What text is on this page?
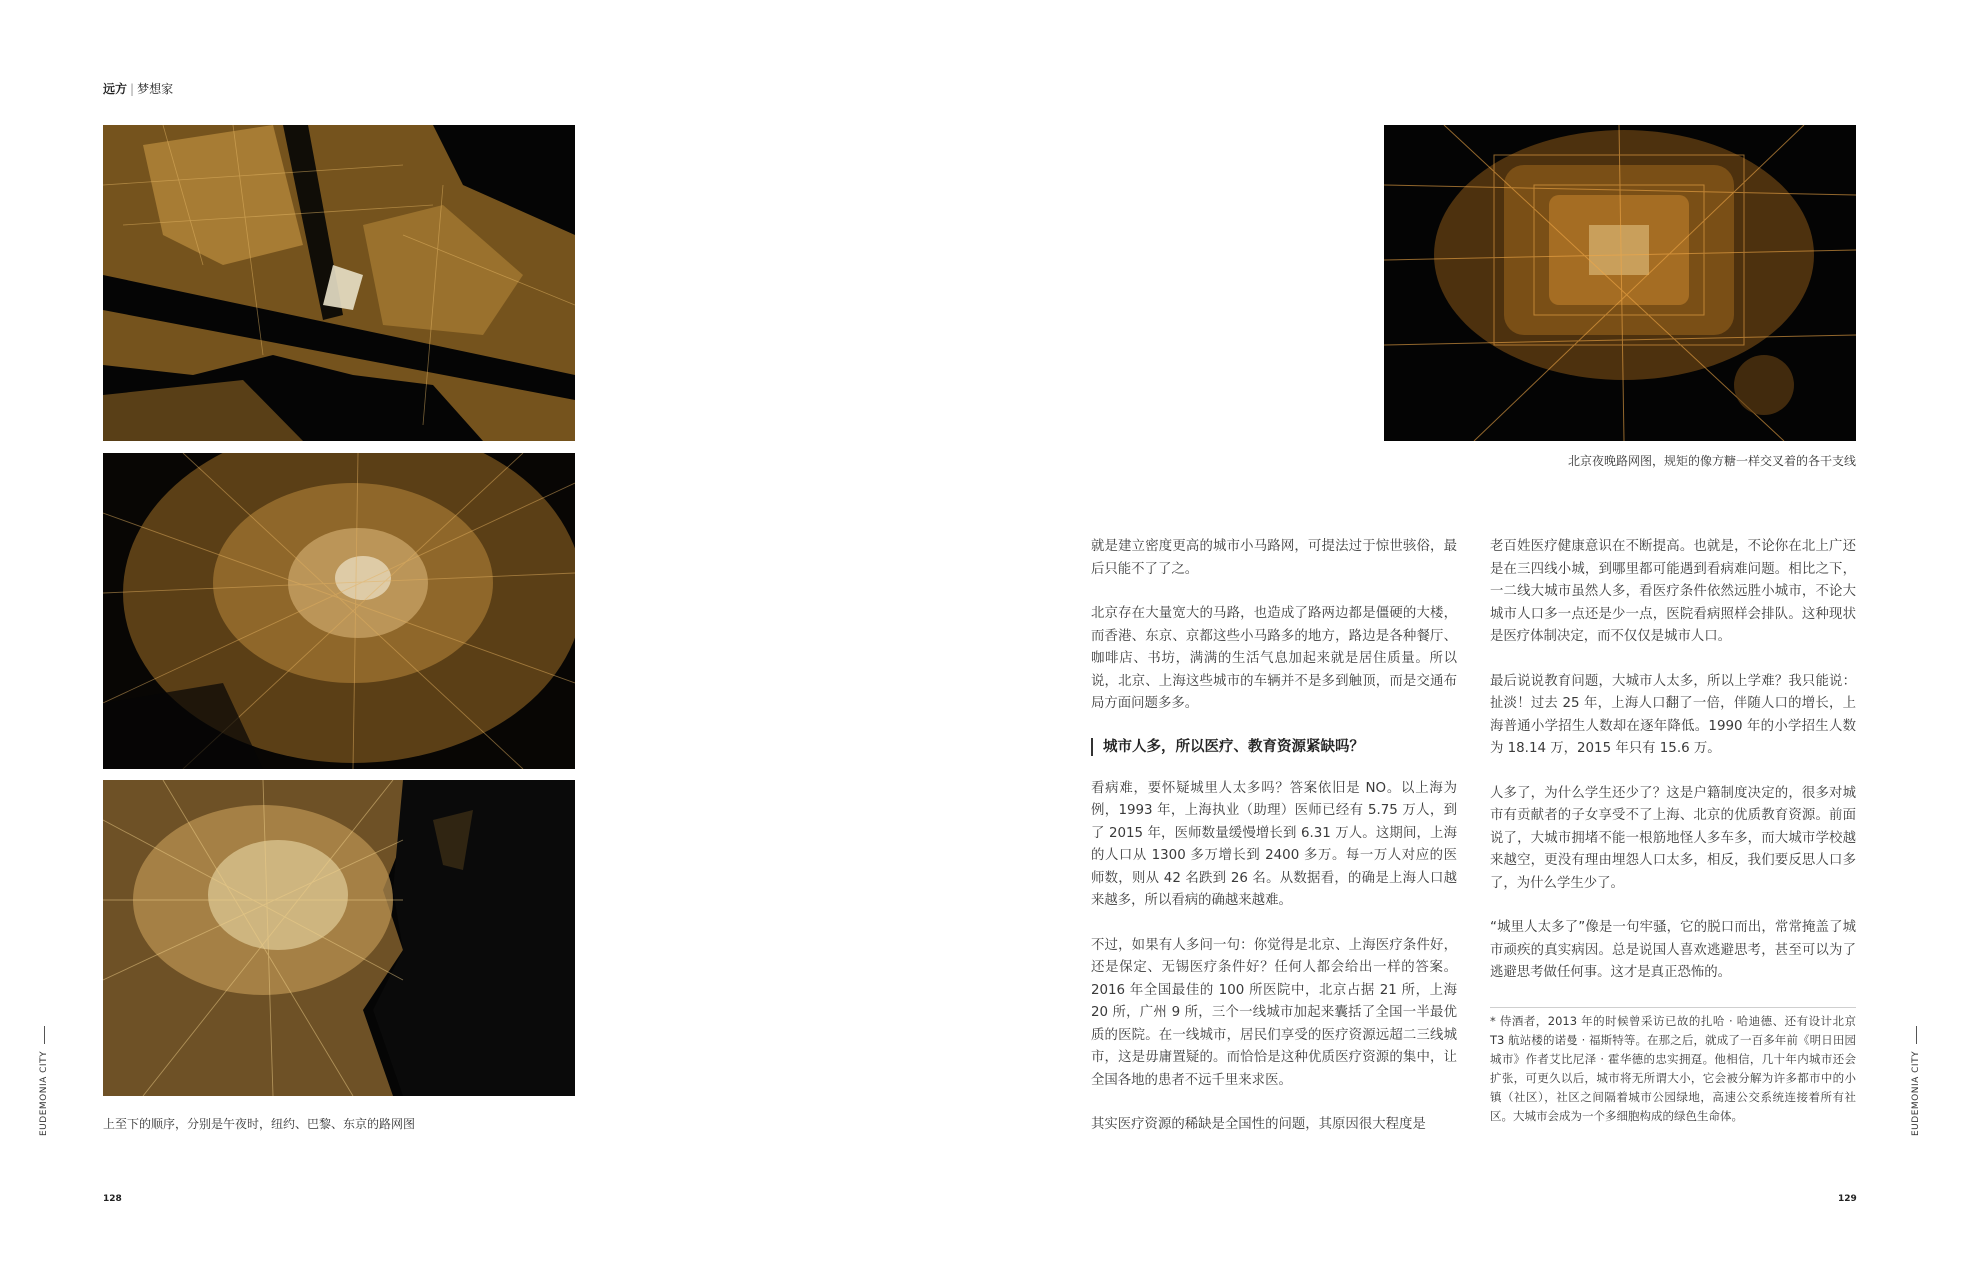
远方 | 梦想家
上至下的顺序，分别是午夜时，纽约、巴黎、东京的路网图
EUDEMONIA CITY
128
北京夜晚路网图，规矩的像方糖一样交叉着的各干支线

就是建立密度更高的城市小马路网，可提法过于惊世骇俗，最后只能不了了之。

北京存在大量宽大的马路，也造成了路两边都是僵硬的大楼，而香港、东京、京都这些小马路多的地方，路边是各种餐厅、咖啡店、书坊，满满的生活气息加起来就是居住质量。所以说，北京、上海这些城市的车辆并不是多到触顶，而是交通布局方面问题多多。

城市人多，所以医疗、教育资源紧缺吗？

看病难，要怀疑城里人太多吗？答案依旧是 NO。以上海为例，1993 年，上海执业（助理）医师已经有 5.75 万人，到了 2015 年，医师数量缓慢增长到 6.31 万人。这期间，上海的人口从 1300 多万增长到 2400 多万。每一万人对应的医师数，则从 42 名跌到 26 名。从数据看，的确是上海人口越来越多，所以看病的确越来越难。

不过，如果有人多问一句：你觉得是北京、上海医疗条件好，还是保定、无锡医疗条件好？任何人都会给出一样的答案。2016 年全国最佳的 100 所医院中，北京占据 21 所，上海 20 所，广州 9 所，三个一线城市加起来囊括了全国一半最优质的医院。在一线城市，居民们享受的医疗资源远超二三线城市，这是毋庸置疑的。而恰恰是这种优质医疗资源的集中，让全国各地的患者不远千里来求医。

其实医疗资源的稀缺是全国性的问题，其原因很大程度是

老百姓医疗健康意识在不断提高。也就是，不论你在北上广还是在三四线小城，到哪里都可能遇到看病难问题。相比之下，一二线大城市虽然人多，看医疗条件依然远胜小城市，不论大城市人口多一点还是少一点，医院看病照样会排队。这种现状是医疗体制决定，而不仅仅是城市人口。

最后说说教育问题，大城市人太多，所以上学难？我只能说：扯淡！过去 25 年，上海人口翻了一倍，伴随人口的增长，上海普通小学招生人数却在逐年降低。1990 年的小学招生人数为 18.14 万，2015 年只有 15.6 万。

人多了，为什么学生还少了？这是户籍制度决定的，很多对城市有贡献者的子女享受不了上海、北京的优质教育资源。前面说了，大城市拥堵不能一根筋地怪人多车多，而大城市学校越来越空，更没有理由埋怨人口太多，相反，我们要反思人口多了，为什么学生少了。

“城里人太多了”像是一句牢骚，它的脱口而出，常常掩盖了城市顽疾的真实病因。总是说国人喜欢逃避思考，甚至可以为了逃避思考做任何事。这才是真正恐怖的。

* 侍酒者，2013 年的时候曾采访已故的扎哈 · 哈迪德、还有设计北京 T3 航站楼的诺曼 · 福斯特等。在那之后，就成了一百多年前《明日田园城市》作者艾比尼泽 · 霍华德的忠实拥趸。他相信，几十年内城市还会扩张，可更久以后，城市将无所谓大小，它会被分解为许多都市中的小镇（社区），社区之间隔着城市公园绿地，高速公交系统连接着所有社区。大城市会成为一个多细胞构成的绿色生命体。	EUDEMONIA CITY
129
